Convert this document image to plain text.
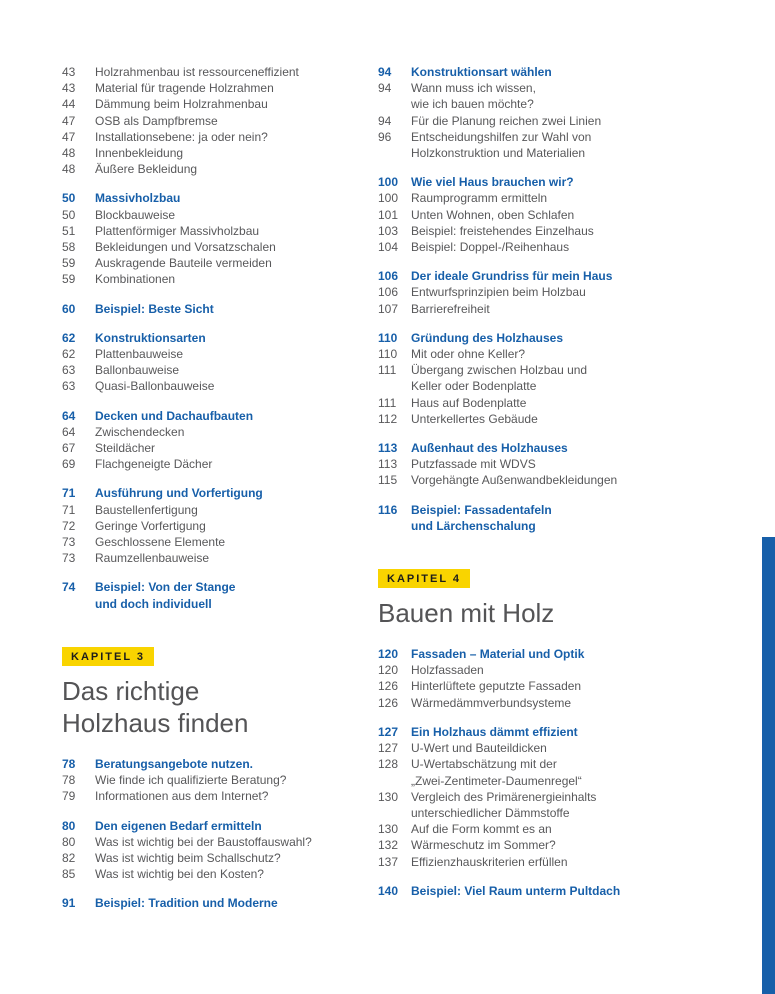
43	Holzrahmenbau ist ressourceneffizient
43	Material für tragende Holzrahmen
44	Dämmung beim Holzrahmenbau
47	OSB als Dampfbremse
47	Installationsebene: ja oder nein?
48	Innenbekleidung
48	Äußere Bekleidung
50	Massivholzbau
50	Blockbauweise
51	Plattenförmiger Massivholzbau
58	Bekleidungen und Vorsatzschalen
59	Auskragende Bauteile vermeiden
59	Kombinationen
60	Beispiel: Beste Sicht
62	Konstruktionsarten
62	Plattenbauweise
63	Ballonbauweise
63	Quasi-Ballonbauweise
64	Decken und Dachaufbauten
64	Zwischendecken
67	Steildächer
69	Flachgeneigte Dächer
71	Ausführung und Vorfertigung
71	Baustellenfertigung
72	Geringe Vorfertigung
73	Geschlossene Elemente
73	Raumzellenbauweise
74	Beispiel: Von der Stange
und doch individuell
KAPITEL 3
Das richtige
Holzhaus finden
78	Beratungsangebote nutzen.
78	Wie finde ich qualifizierte Beratung?
79	Informationen aus dem Internet?
80	Den eigenen Bedarf ermitteln
80	Was ist wichtig bei der Baustoffauswahl?
82	Was ist wichtig beim Schallschutz?
85	Was ist wichtig bei den Kosten?
91	Beispiel: Tradition und Moderne
94	Konstruktionsart wählen
94	Wann muss ich wissen,
wie ich bauen möchte?
94	Für die Planung reichen zwei Linien
96	Entscheidungshilfen zur Wahl von
Holzkonstruktion und Materialien
100	Wie viel Haus brauchen wir?
100	Raumprogramm ermitteln
101	Unten Wohnen, oben Schlafen
103	Beispiel: freistehendes Einzelhaus
104	Beispiel: Doppel-/Reihenhaus
106	Der ideale Grundriss für mein Haus
106	Entwurfsprinzipien beim Holzbau
107	Barrierefreiheit
110	Gründung des Holzhauses
110	Mit oder ohne Keller?
111	Übergang zwischen Holzbau und
Keller oder Bodenplatte
111	Haus auf Bodenplatte
112	Unterkellertes Gebäude
113	Außenhaut des Holzhauses
113	Putzfassade mit WDVS
115	Vorgehängte Außenwandbekleidungen
116	Beispiel: Fassadentafeln
und Lärchenschalung
KAPITEL 4
Bauen mit Holz
120	Fassaden – Material und Optik
120	Holzfassaden
126	Hinterlüftete geputzte Fassaden
126	Wärmedämmverbundsysteme
127	Ein Holzhaus dämmt effizient
127	U-Wert und Bauteildicken
128	U-Wertabschätzung mit der
„Zwei-Zentimeter-Daumenregel“
130	Vergleich des Primärenergieinhalts
unterschiedlicher Dämmstoffe
130	Auf die Form kommt es an
132	Wärmeschutz im Sommer?
137	Effizienzhauskriterien erfüllen
140	Beispiel: Viel Raum unterm Pultdach
